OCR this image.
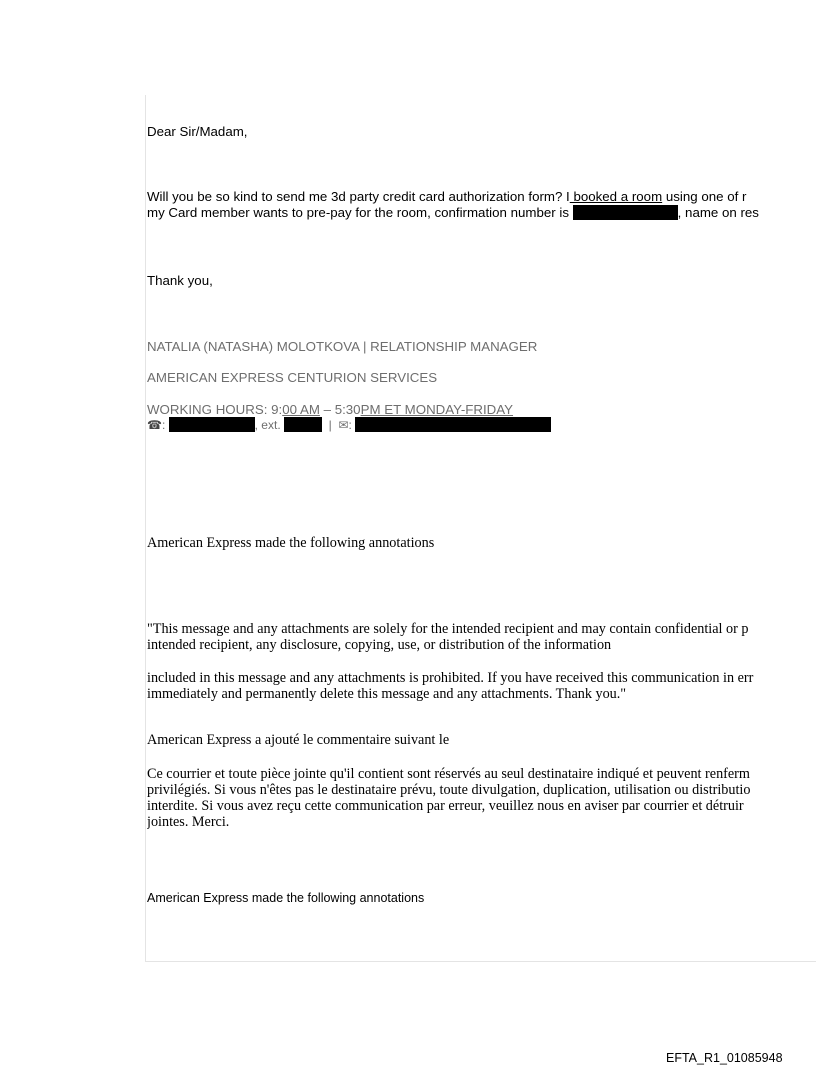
Dear Sir/Madam,
Will you be so kind to send me 3d party credit card authorization form? I booked a room using one of r
my Card member wants to pre-pay for the room, confirmation number is	, name on res
Thank you,
NATALIA (NATASHA) MOLOTKOVA | RELATIONSHIP MANAGER
AMERICAN EXPRESS CENTURION SERVICES
WORKING HOURS: 9:00 AM – 5:30PM ET MONDAY-FRIDAY
☎:	, ext.	|  ✉:
American Express made the following annotations
"This message and any attachments are solely for the intended recipient and may contain confidential or p
intended recipient, any disclosure, copying, use, or distribution of the information
included in this message and any attachments is prohibited. If you have received this communication in err
immediately and permanently delete this message and any attachments. Thank you."
American Express a ajouté le commentaire suivant le
Ce courrier et toute pièce jointe qu'il contient sont réservés au seul destinataire indiqué et peuvent renferm
privilégiés. Si vous n'êtes pas le destinataire prévu, toute divulgation, duplication, utilisation ou distributio
interdite. Si vous avez reçu cette communication par erreur, veuillez nous en aviser par courrier et détruir
jointes. Merci.
American Express made the following annotations
EFTA_R1_01085948
